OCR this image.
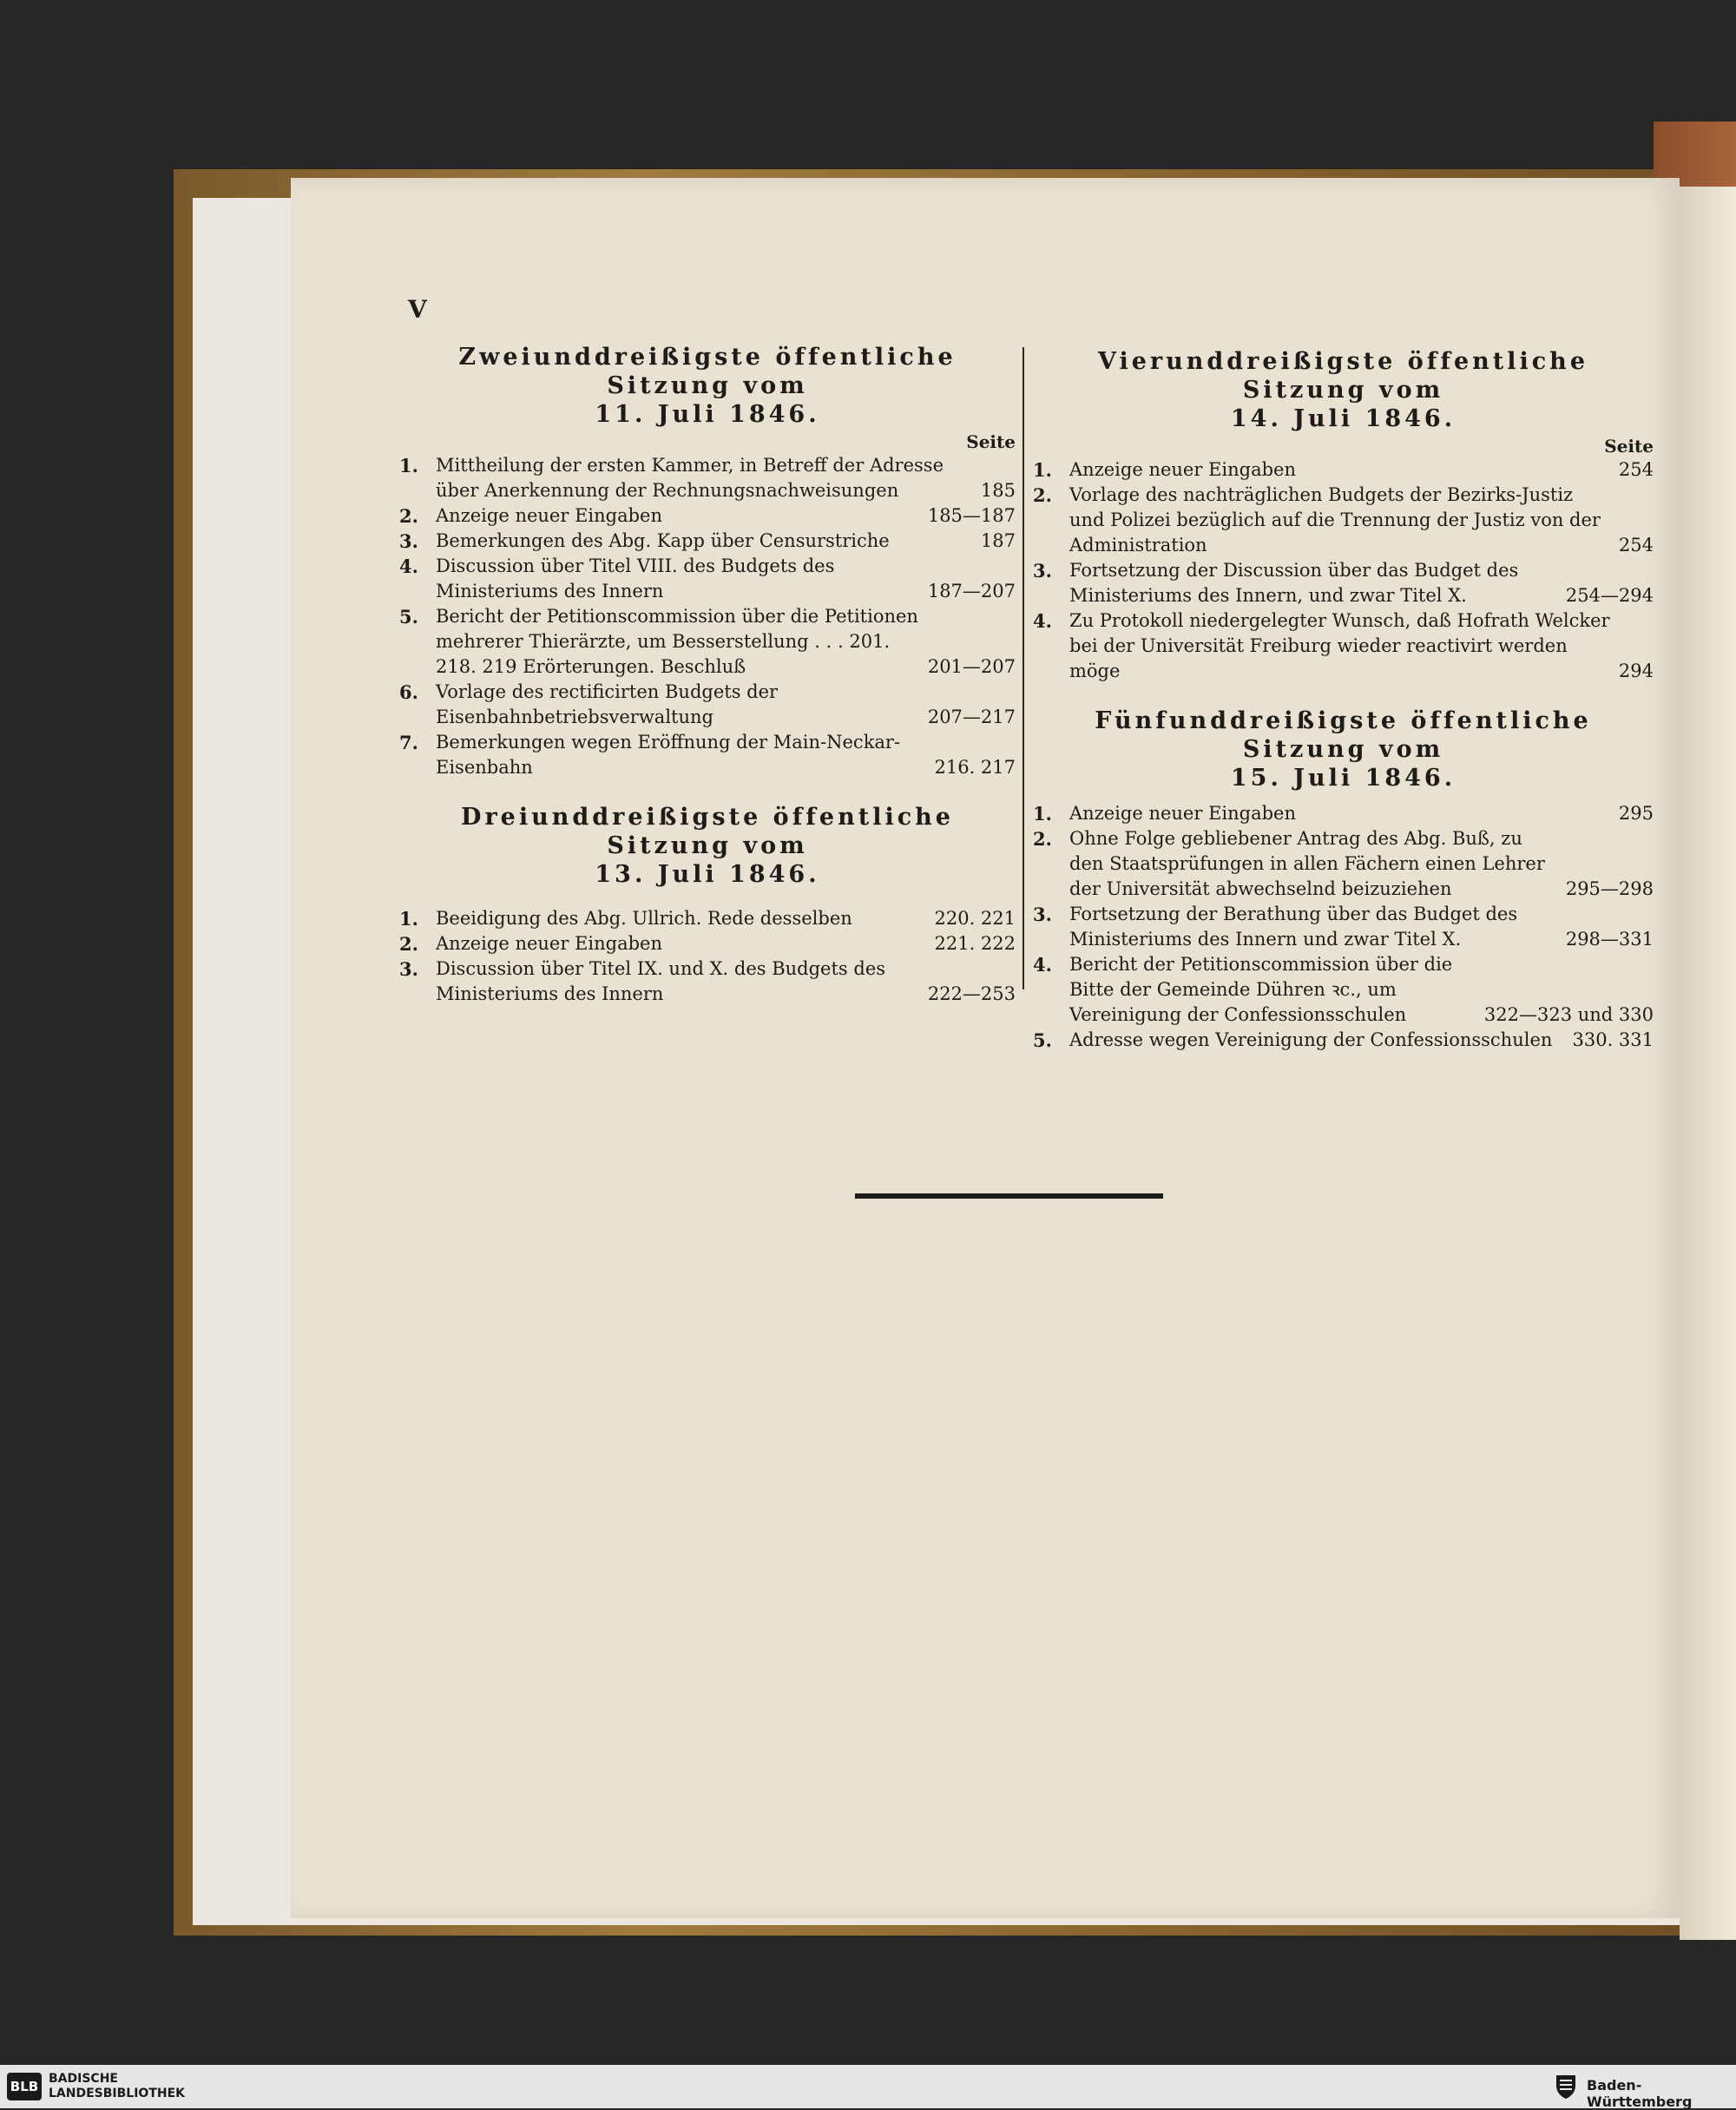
V
Zweiunddreißigste öffentliche Sitzung vom
11. Juli 1846.
Seite
1. Mittheilung der ersten Kammer, in Betreff der Adresse über Anerkennung der Rechnungsnachweisungen	185
2. Anzeige neuer Eingaben	185—187
3. Bemerkungen des Abg. Kapp über Censurstriche	187
4. Discussion über Titel VIII. des Budgets des Ministeriums des Innern	187—207
5. Bericht der Petitionscommission über die Petitionen mehrerer Thierärzte, um Besserstellung . . . 201. 218. 219 Erörterungen. Beschluß	201—207
6. Vorlage des rectificirten Budgets der Eisenbahnbetriebsverwaltung	207—217
7. Bemerkungen wegen Eröffnung der Main-Neckar-Eisenbahn	216. 217
Dreiunddreißigste öffentliche Sitzung vom
13. Juli 1846.
1. Beeidigung des Abg. Ullrich. Rede desselben	220. 221
2. Anzeige neuer Eingaben	221. 222
3. Discussion über Titel IX. und X. des Budgets des Ministeriums des Innern	222—253
Vierunddreißigste öffentliche Sitzung vom
14. Juli 1846.
Seite
1. Anzeige neuer Eingaben	254
2. Vorlage des nachträglichen Budgets der Bezirks-Justiz und Polizei bezüglich auf die Trennung der Justiz von der Administration	254
3. Fortsetzung der Discussion über das Budget des Ministeriums des Innern, und zwar Titel X.	254—294
4. Zu Protokoll niedergelegter Wunsch, daß Hofrath Welcker bei der Universität Freiburg wieder reactivirt werden möge	294
Fünfunddreißigste öffentliche Sitzung vom
15. Juli 1846.
1. Anzeige neuer Eingaben	295
2. Ohne Folge gebliebener Antrag des Abg. Buß, zu den Staatsprüfungen in allen Fächern einen Lehrer der Universität abwechselnd beizuziehen	295—298
3. Fortsetzung der Berathung über das Budget des Ministeriums des Innern und zwar Titel X.	298—331
4. Bericht der Petitionscommission über die Bitte der Gemeinde Dühren ꝛc., um Vereinigung der Confessionsschulen	322—323 und 330
5. Adresse wegen Vereinigung der Confessionsschulen	330. 331
BLB BADISCHE
LANDESBIBLIOTHEK	Baden-Württemberg
